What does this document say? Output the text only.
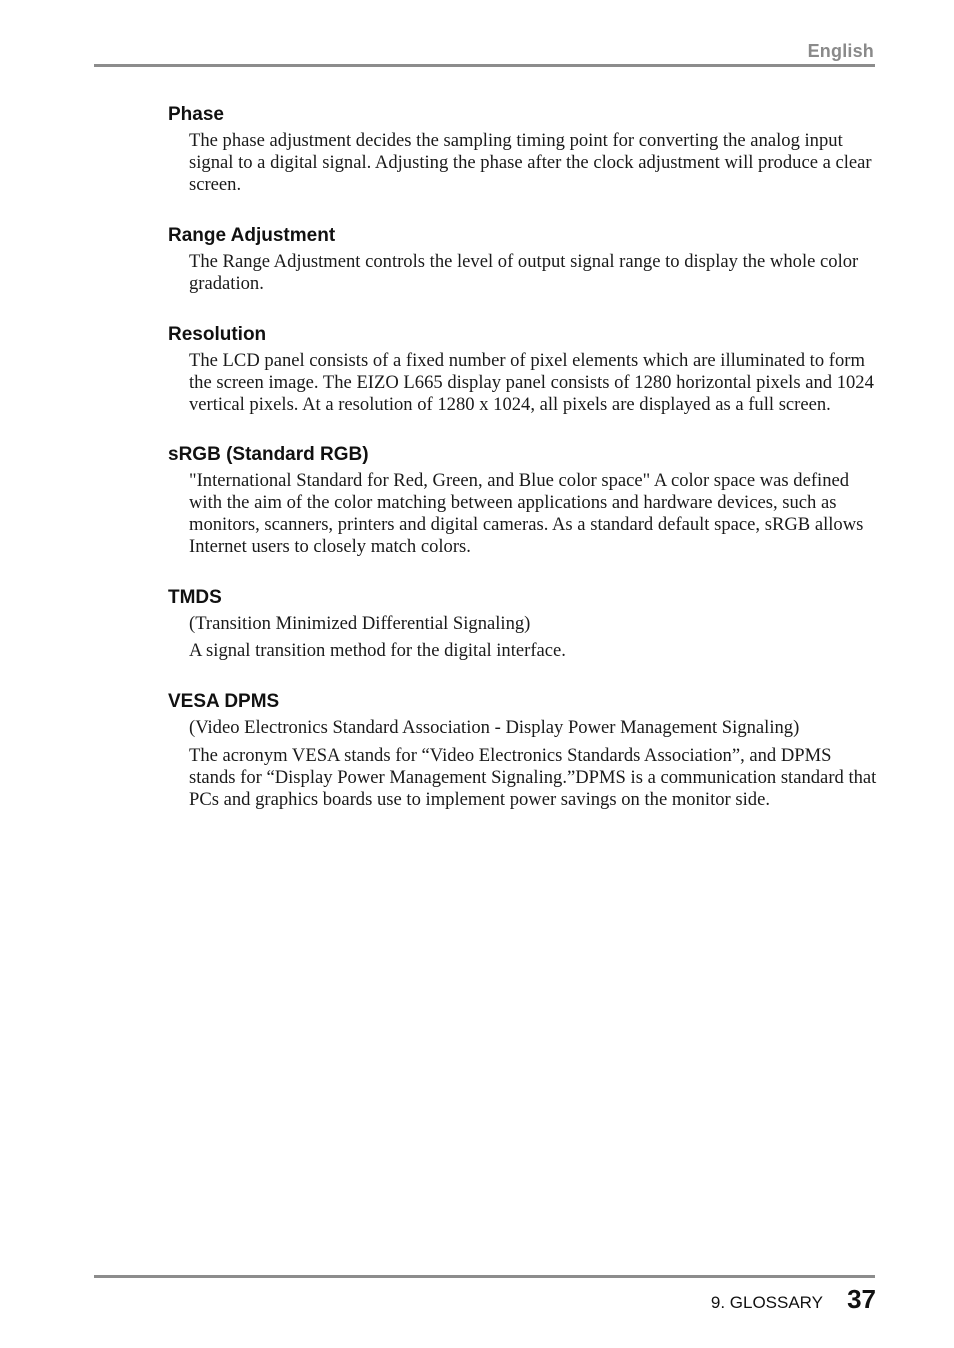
English
Phase

The phase adjustment decides the sampling timing point for converting the analog input signal to a digital signal. Adjusting the phase after the clock adjustment will produce a clear screen.

Range Adjustment

The Range Adjustment controls the level of output signal range to display the whole color gradation.

Resolution

The LCD panel consists of a fixed number of pixel elements which are illuminated to form the screen image. The EIZO L665 display panel consists of 1280 horizontal pixels and 1024 vertical pixels. At a resolution of 1280 x 1024, all pixels are displayed as a full screen.

sRGB (Standard RGB)

"International Standard for Red, Green, and Blue color space" A color space was defined with the aim of the color matching between applications and hardware devices, such as monitors, scanners, printers and digital cameras. As a standard default space, sRGB allows Internet users to closely match colors.

TMDS

(Transition Minimized Differential Signaling)

A signal transition method for the digital interface.

VESA DPMS

(Video Electronics Standard Association - Display Power Management Signaling)

The acronym VESA stands for “Video Electronics Standards Association”, and DPMS stands for “Display Power Management Signaling.”DPMS is a communication standard that PCs and graphics boards use to implement power savings on the monitor side.

9. GLOSSARY 37
